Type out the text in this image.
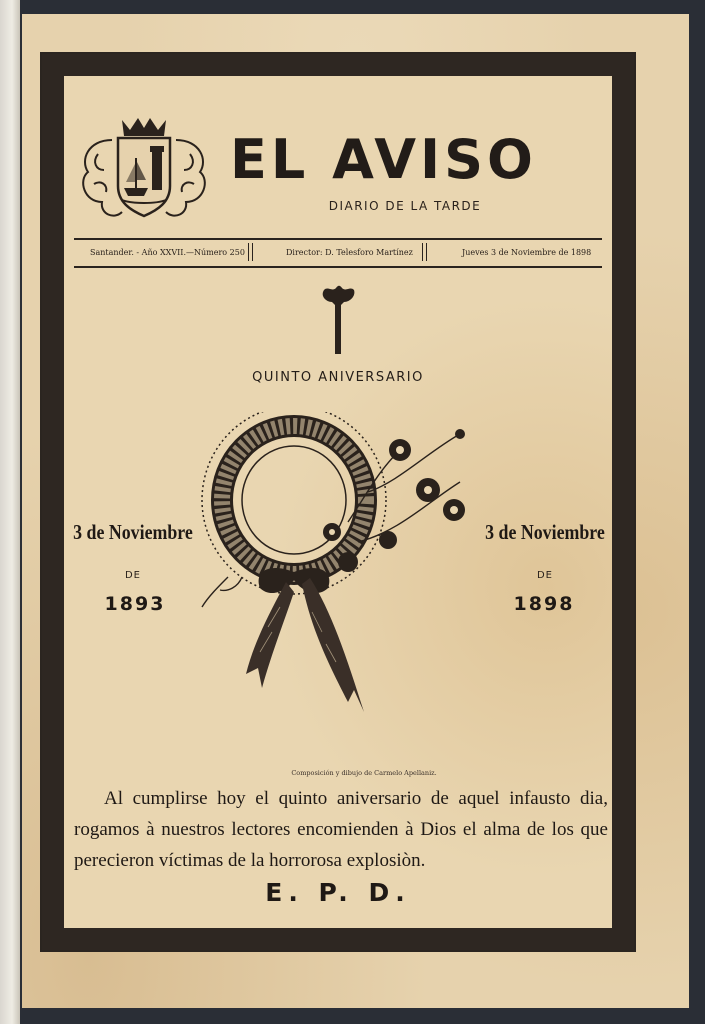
EL AVISO
DIARIO DE LA TARDE
Santander. - Año XXVII.—Número 250	Director: D. Telesforo Martínez	Jueves 3 de Noviembre de 1898
QUINTO ANIVERSARIO
3 de Noviembre
DE
1893
3 de Noviembre
DE
1898
Composición y dibujo de Carmelo Apellaniz.
Al cumplirse hoy el quinto aniversario de aquel infausto dia, rogamos à nuestros lectores encomienden à Dios el alma de los que perecieron víctimas de la horrorosa explosiòn.
E. P. D.
